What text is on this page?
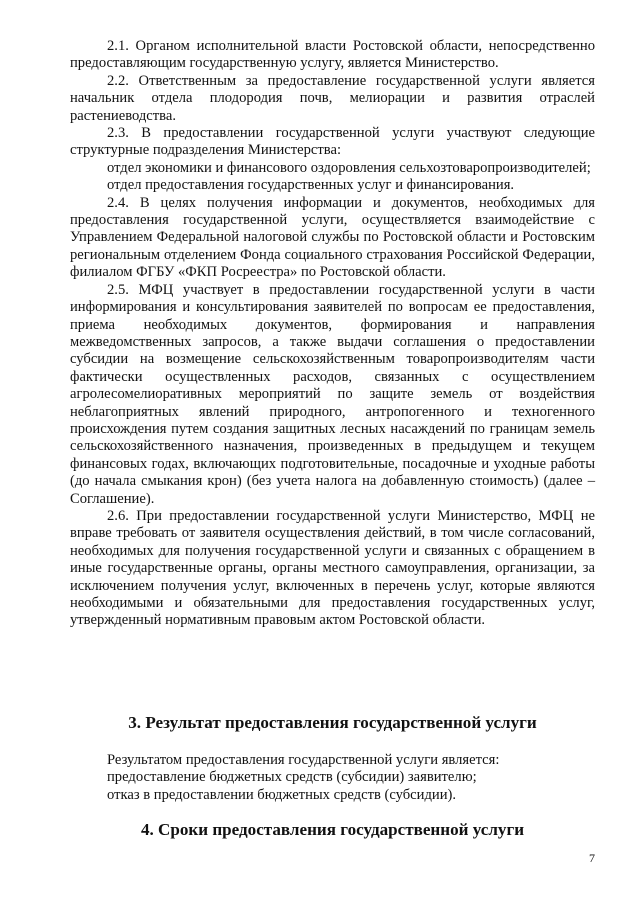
2.1. Органом исполнительной власти Ростовской области, непосредственно предоставляющим государственную услугу, является Министерство.

2.2. Ответственным за предоставление государственной услуги является начальник отдела плодородия почв, мелиорации и развития отраслей растениеводства.

2.3. В предоставлении государственной услуги участвуют следующие структурные подразделения Министерства:

отдел экономики и финансового оздоровления сельхозтоваропроизводителей;

отдел предоставления государственных услуг и финансирования.

2.4. В целях получения информации и документов, необходимых для предоставления государственной услуги, осуществляется взаимодействие с Управлением Федеральной налоговой службы по Ростовской области и Ростовским региональным отделением Фонда социального страхования Российской Федерации, филиалом ФГБУ «ФКП Росреестра» по Ростовской области.

2.5. МФЦ участвует в предоставлении государственной услуги в части информирования и консультирования заявителей по вопросам ее предоставления, приема необходимых документов, формирования и направления межведомственных запросов, а также выдачи соглашения о предоставлении субсидии на возмещение сельскохозяйственным товаропроизводителям части фактически осуществленных расходов, связанных с осуществлением агролесомелиоративных мероприятий по защите земель от воздействия неблагоприятных явлений природного, антропогенного и техногенного происхождения путем создания защитных лесных насаждений по границам земель сельскохозяйственного назначения, произведенных в предыдущем и текущем финансовых годах, включающих подготовительные, посадочные и уходные работы (до начала смыкания крон) (без учета налога на добавленную стоимость) (далее – Соглашение).

2.6. При предоставлении государственной услуги Министерство, МФЦ не вправе требовать от заявителя осуществления действий, в том числе согласований, необходимых для получения государственной услуги и связанных с обращением в иные государственные органы, органы местного самоуправления, организации, за исключением получения услуг, включенных в перечень услуг, которые являются необходимыми и обязательными для предоставления государственных услуг, утвержденный нормативным правовым актом Ростовской области.

3. Результат предоставления государственной услуги

Результатом предоставления государственной услуги является:

предоставление бюджетных средств (субсидии) заявителю;

отказ в предоставлении бюджетных средств (субсидии).

4. Сроки предоставления государственной услуги
7
